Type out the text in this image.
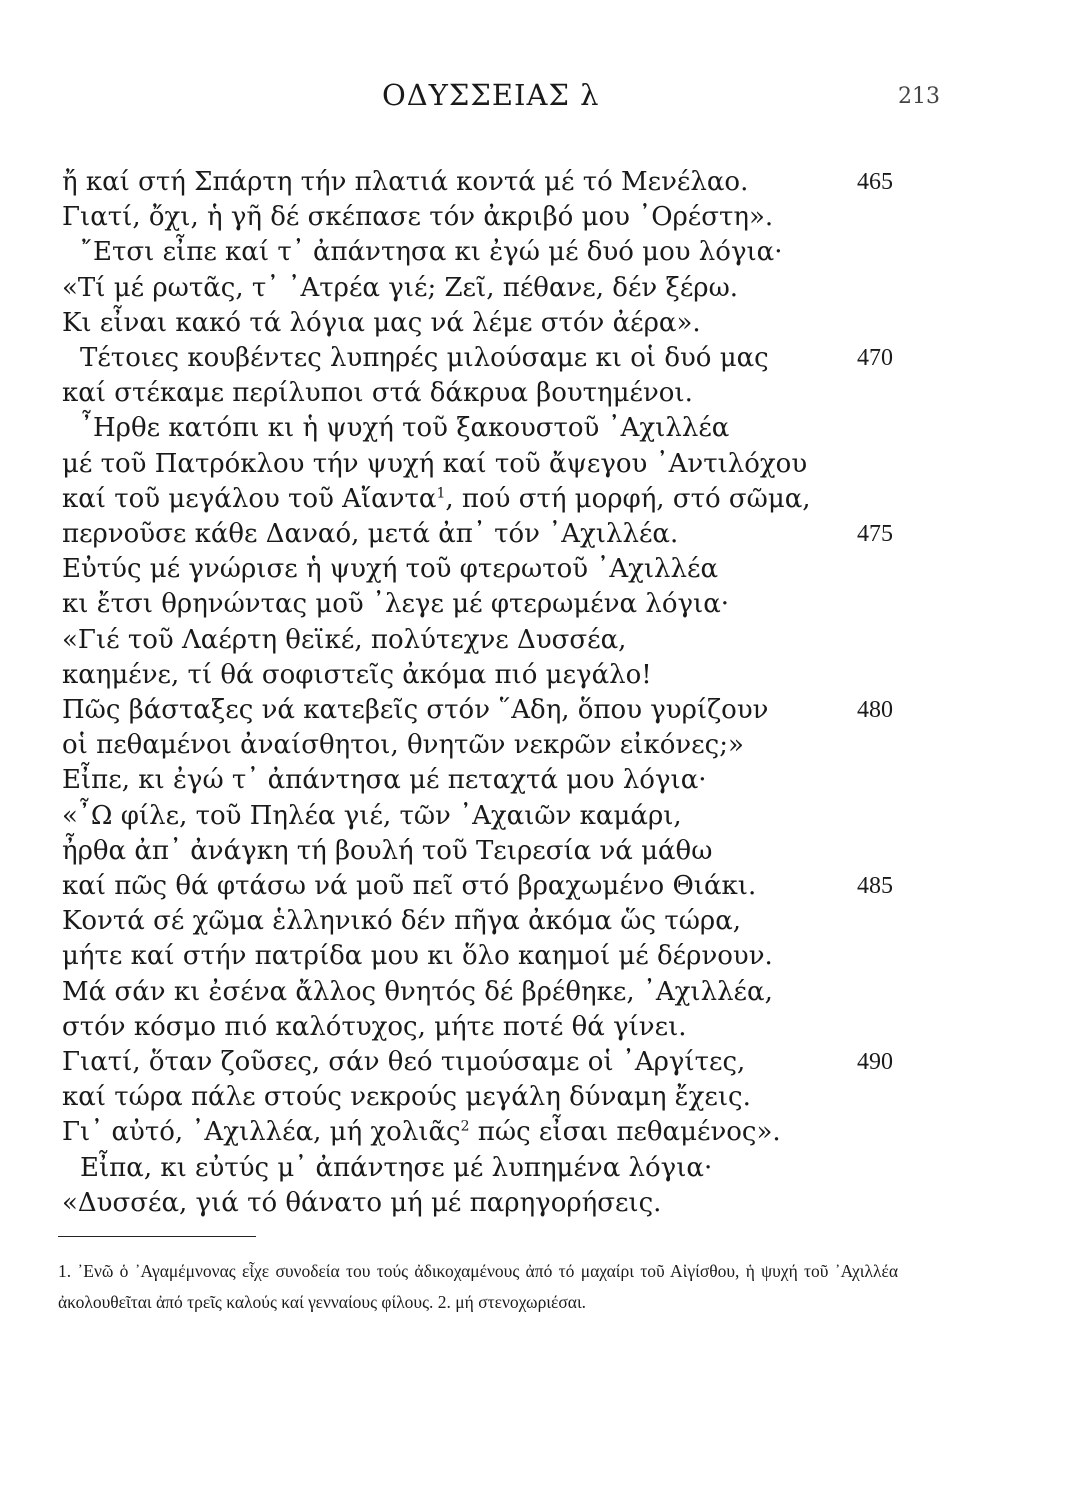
ΟΔΥΣΣΕΙΑΣ λ	213
ἤ καί στή Σπάρτη τήν πλατιά κοντά μέ τό Μενέλαο.	465
Γιατί, ὄχι, ἡ γῆ δέ σκέπασε τόν ἀκριβό μου ᾿Ορέστη».
῎Ετσι εἶπε καί τ᾿ ἀπάντησα κι ἐγώ μέ δυό μου λόγια·
«Τί μέ ρωτᾶς, τ᾿ ᾿Ατρέα γιέ; Ζεῖ, πέθανε, δέν ξέρω.
Κι εἶναι κακό τά λόγια μας νά λέμε στόν ἀέρα».
Τέτοιες κουβέντες λυπηρές μιλούσαμε κι οἱ δυό μας	470
καί στέκαμε περίλυποι στά δάκρυα βουτημένοι.
῏Ηρθε κατόπι κι ἡ ψυχή τοῦ ξακουστοῦ ᾿Αχιλλέα
μέ τοῦ Πατρόκλου τήν ψυχή καί τοῦ ἄψεγου ᾿Αντιλόχου
καί τοῦ μεγάλου τοῦ Αἴαντα$^1$, πού στή μορφή, στό σῶμα,
περνοῦσε κάθε Δαναό, μετά ἀπ᾿ τόν ᾿Αχιλλέα.	475
Εὐτύς μέ γνώρισε ἡ ψυχή τοῦ φτερωτοῦ ᾿Αχιλλέα
κι ἔτσι θρηνώντας μοῦ ᾿λεγε μέ φτερωμένα λόγια·
«Γιέ τοῦ Λαέρτη θεϊκέ, πολύτεχνε Δυσσέα,
καημένε, τί θά σοφιστεῖς ἀκόμα πιό μεγάλο!
Πῶς βάσταξες νά κατεβεῖς στόν ῞Αδη, ὅπου γυρίζουν	480
οἱ πεθαμένοι ἀναίσθητοι, θνητῶν νεκρῶν εἰκόνες;»
Εἶπε, κι ἐγώ τ᾿ ἀπάντησα μέ πεταχτά μου λόγια·
«῏Ω φίλε, τοῦ Πηλέα γιέ, τῶν ᾿Αχαιῶν καμάρι,
ἦρθα ἀπ᾿ ἀνάγκη τή βουλή τοῦ Τειρεσία νά μάθω
καί πῶς θά φτάσω νά μοῦ πεῖ στό βραχωμένο Θιάκι.	485
Κοντά σέ χῶμα ἑλληνικό δέν πῆγα ἀκόμα ὥς τώρα,
μήτε καί στήν πατρίδα μου κι ὅλο καημοί μέ δέρνουν.
Μά σάν κι ἐσένα ἄλλος θνητός δέ βρέθηκε, ᾿Αχιλλέα,
στόν κόσμο πιό καλότυχος, μήτε ποτέ θά γίνει.
Γιατί, ὅταν ζοῦσες, σάν θεό τιμούσαμε οἱ ᾿Αργίτες,	490
καί τώρα πάλε στούς νεκρούς μεγάλη δύναμη ἔχεις.
Γι᾿ αὐτό, ᾿Αχιλλέα, μή χολιᾶς$^2$ πώς εἶσαι πεθαμένος».
Εἶπα, κι εὐτύς μ᾿ ἀπάντησε μέ λυπημένα λόγια·
«Δυσσέα, γιά τό θάνατο μή μέ παρηγορήσεις.
1. ᾿Ενῶ ὁ ᾿Αγαμέμνονας εἶχε συνοδεία του τούς ἀδικοχαμένους ἀπό τό μαχαίρι τοῦ Αἰγίσθου, ἡ ψυχή τοῦ ᾿Αχιλλέα ἀκολουθεῖται ἀπό τρεῖς καλούς καί γενναίους φίλους. 2. μή στενοχωριέσαι.
